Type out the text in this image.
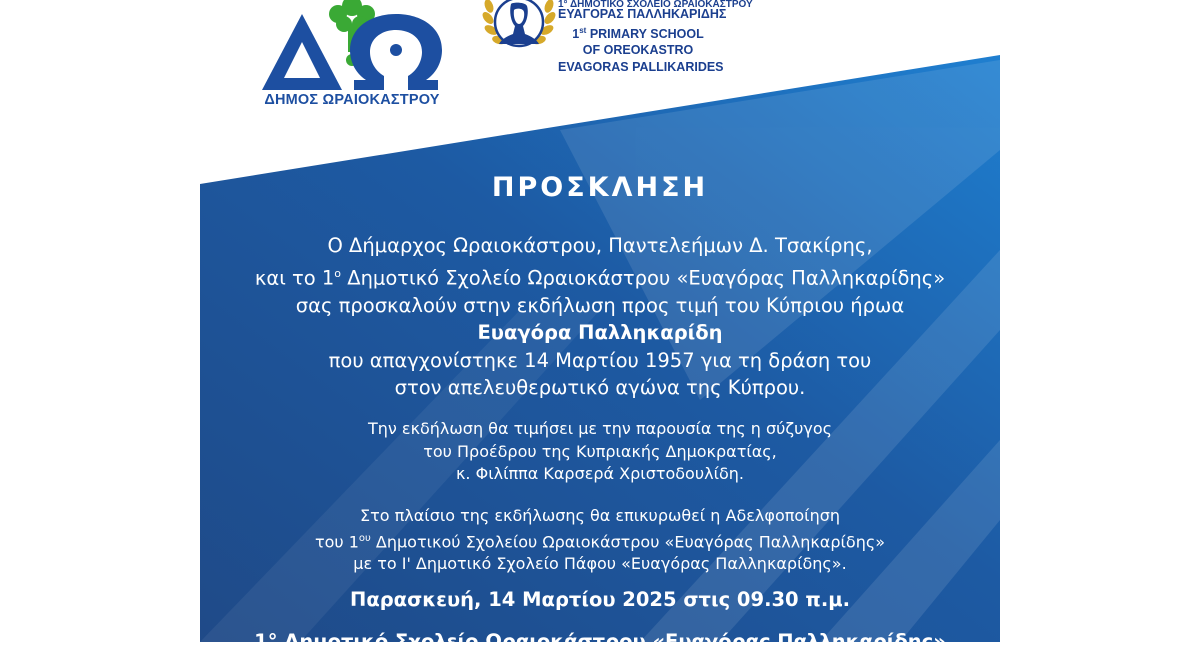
ΔΗΜΟΣ ΩΡΑΙΟΚΑΣΤΡΟΥ
1° ΔΗΜΟΤΙΚΟ ΣΧΟΛΕΙΟ ΩΡΑΙΟΚΑΣΤΡΟΥ
ΕΥΑΓΟΡΑΣ ΠΑΛΛΗΚΑΡΙΔΗΣ
1st PRIMARY SCHOOL
OF OREOKASTRO
EVAGORAS PALLIKARIDES
ΠΡΟΣΚΛΗΣΗ
Ο Δήμαρχος Ωραιοκάστρου, Παντελεήμων Δ. Τσακίρης,
και το $1^o$ Δημοτικό Σχολείο Ωραιοκάστρου «Ευαγόρας Παλληκαρίδης»
σας προσκαλούν στην εκδήλωση προς τιμή του Κύπριου ήρωα
Ευαγόρα Παλληκαρίδη
που απαγχονίστηκε 14 Μαρτίου 1957 για τη δράση του
στον απελευθερωτικό αγώνα της Κύπρου.
Την εκδήλωση θα τιμήσει με την παρουσία της η σύζυγος
του Προέδρου της Κυπριακής Δημοκρατίας,
κ. Φιλίππα Καρσερά Χριστοδουλίδη.
Στο πλαίσιο της εκδήλωσης θα επικυρωθεί η Αδελφοποίηση
του $1^{o\upsilon}$ Δημοτικού Σχολείου Ωραιοκάστρου «Ευαγόρας Παλληκαρίδης»
με το Ι' Δημοτικό Σχολείο Πάφου «Ευαγόρας Παλληκαρίδης».
Παρασκευή, 14 Μαρτίου 2025 στις 09.30 π.μ.
1° Δημοτικό Σχολείο Ωραιοκάστρου «Ευαγόρας Παλληκαρίδης»
